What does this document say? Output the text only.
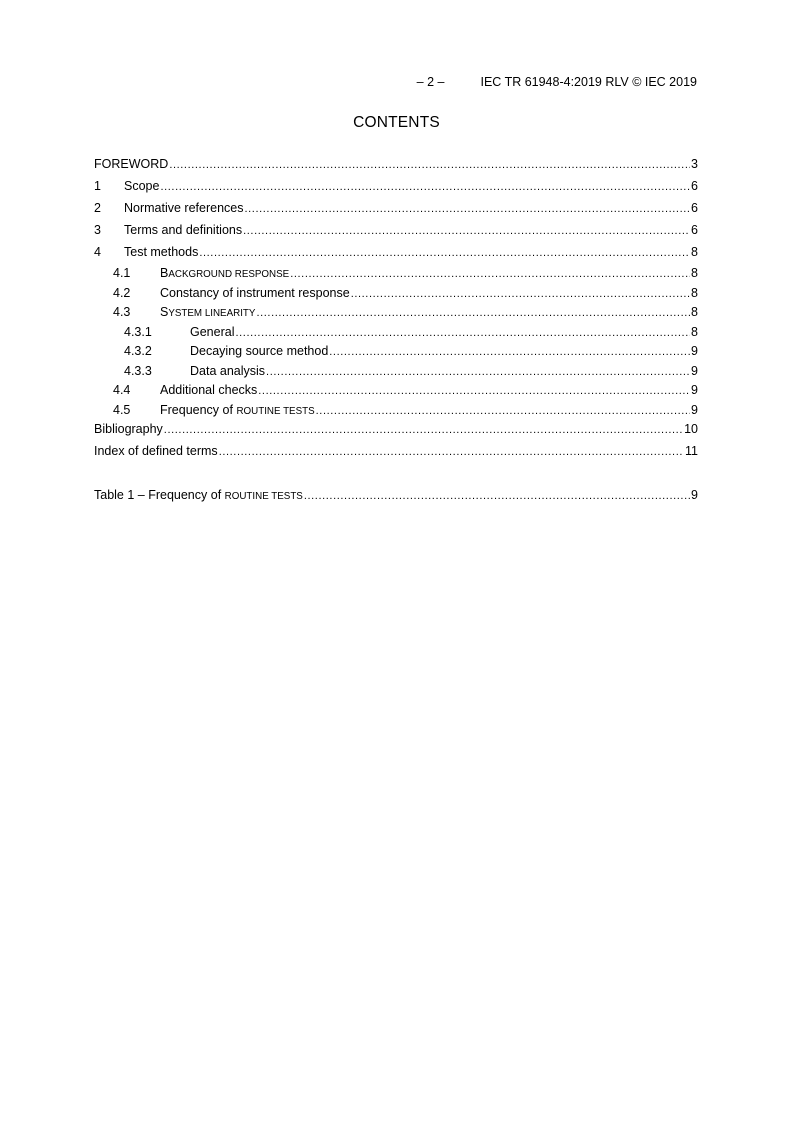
– 2 –	IEC TR 61948-4:2019 RLV © IEC 2019
CONTENTS
FOREWORD .....	3
1	Scope .....	6
2	Normative references .....	6
3	Terms and definitions .....	6
4	Test methods .....	8
4.1	BACKGROUND RESPONSE .....	8
4.2	Constancy of instrument response .....	8
4.3	SYSTEM LINEARITY .....	8
4.3.1	General .....	8
4.3.2	Decaying source method .....	9
4.3.3	Data analysis .....	9
4.4	Additional checks .....	9
4.5	Frequency of ROUTINE TESTS .....	9
Bibliography .....	10
Index of defined terms .....	11
Table 1 – Frequency of ROUTINE TESTS .....	9
